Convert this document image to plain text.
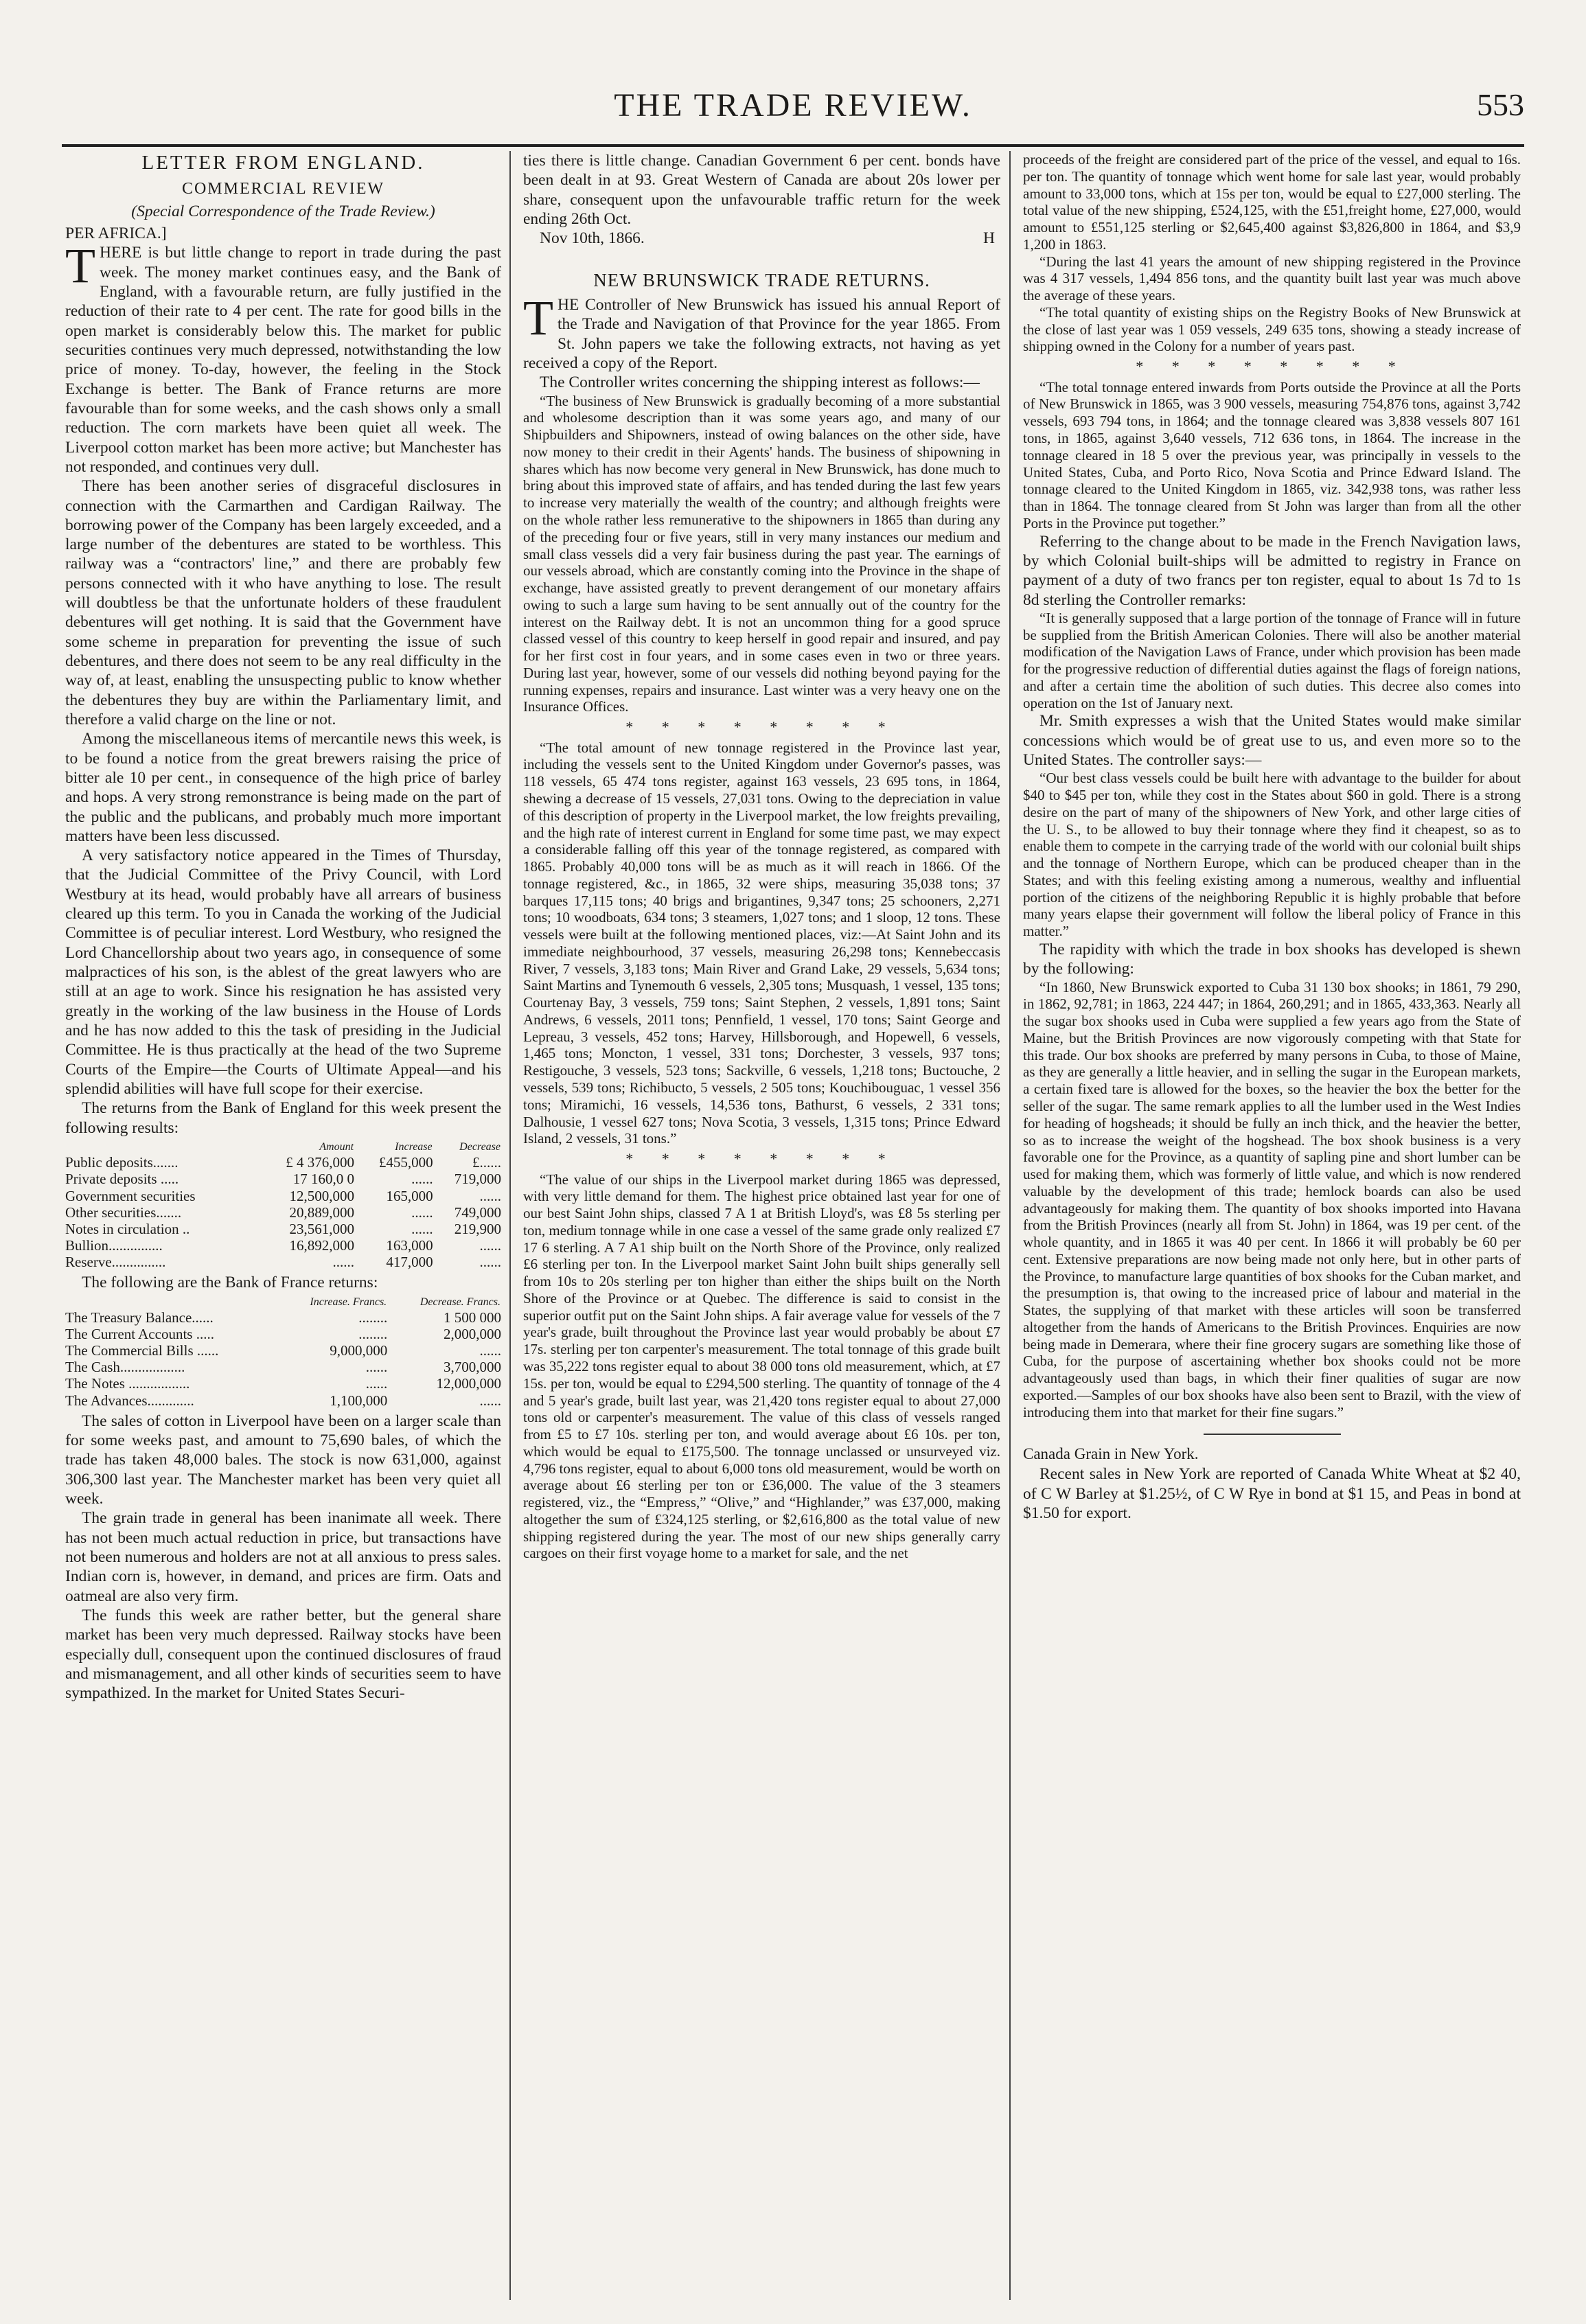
THE TRADE REVIEW.	553
LETTER FROM ENGLAND.
COMMERCIAL REVIEW

(Special Correspondence of the Trade Review.)

PER AFRICA.]

THERE is but little change to report in trade during the past week. The money market continues easy, and the Bank of England, with a favourable return, are fully justified in the reduction of their rate to 4 per cent. The rate for good bills in the open market is considerably below this. The market for public securities continues very much depressed, notwithstanding the low price of money. To-day, however, the feeling in the Stock Exchange is better. The Bank of France returns are more favourable than for some weeks, and the cash shows only a small reduction. The corn markets have been quiet all week. The Liverpool cotton market has been more active; but Manchester has not responded, and continues very dull.

There has been another series of disgraceful disclosures in connection with the Carmarthen and Cardigan Railway. The borrowing power of the Company has been largely exceeded, and a large number of the debentures are stated to be worthless. This railway was a “contractors' line,” and there are probably few persons connected with it who have anything to lose. The result will doubtless be that the unfortunate holders of these fraudulent debentures will get nothing. It is said that the Government have some scheme in preparation for preventing the issue of such debentures, and there does not seem to be any real difficulty in the way of, at least, enabling the unsuspecting public to know whether the debentures they buy are within the Parliamentary limit, and therefore a valid charge on the line or not.

Among the miscellaneous items of mercantile news this week, is to be found a notice from the great brewers raising the price of bitter ale 10 per cent., in consequence of the high price of barley and hops. A very strong remonstrance is being made on the part of the public and the publicans, and probably much more important matters have been less discussed.

A very satisfactory notice appeared in the Times of Thursday, that the Judicial Committee of the Privy Council, with Lord Westbury at its head, would probably have all arrears of business cleared up this term. To you in Canada the working of the Judicial Committee is of peculiar interest. Lord Westbury, who resigned the Lord Chancellorship about two years ago, in consequence of some malpractices of his son, is the ablest of the great lawyers who are still at an age to work. Since his resignation he has assisted very greatly in the working of the law business in the House of Lords and he has now added to this the task of presiding in the Judicial Committee. He is thus practically at the head of the two Supreme Courts of the Empire—the Courts of Ultimate Appeal—and his splendid abilities will have full scope for their exercise.

The returns from the Bank of England for this week present the following results:

	Amount	Increase	Decrease
Public deposits.......	£ 4 376,000	£455,000	£......
Private deposits .....	17 160,0 0	......	719,000
Government securities	12,500,000	165,000	......
Other securities.......	20,889,000	......	749,000
Notes in circulation ..	23,561,000	......	219,900
Bullion...............	16,892,000	163,000	......
Reserve...............	......	417,000	......

The following are the Bank of France returns:

	Increase. Francs.	Decrease. Francs.
The Treasury Balance......	........	1 500 000
The Current Accounts .....	........	2,000,000
The Commercial Bills ......	9,000,000	......
The Cash..................	......	3,700,000
The Notes .................	......	12,000,000
The Advances.............	1,100,000	......

The sales of cotton in Liverpool have been on a larger scale than for some weeks past, and amount to 75,690 bales, of which the trade has taken 48,000 bales. The stock is now 631,000, against 306,300 last year. The Manchester market has been very quiet all week.

The grain trade in general has been inanimate all week. There has not been much actual reduction in price, but transactions have not been numerous and holders are not at all anxious to press sales. Indian corn is, however, in demand, and prices are firm. Oats and oatmeal are also very firm.

The funds this week are rather better, but the general share market has been very much depressed. Railway stocks have been especially dull, consequent upon the continued disclosures of fraud and mismanagement, and all other kinds of securities seem to have sympathized. In the market for United States Securi-

ties there is little change. Canadian Government 6 per cent. bonds have been dealt in at 93. Great Western of Canada are about 20s lower per share, consequent upon the unfavourable traffic return for the week ending 26th Oct.

Nov 10th, 1866.	H

NEW BRUNSWICK TRADE RETURNS.

THE Controller of New Brunswick has issued his annual Report of the Trade and Navigation of that Province for the year 1865. From St. John papers we take the following extracts, not having as yet received a copy of the Report.

The Controller writes concerning the shipping interest as follows:—

“The business of New Brunswick is gradually becoming of a more substantial and wholesome description than it was some years ago, and many of our Shipbuilders and Shipowners, instead of owing balances on the other side, have now money to their credit in their Agents' hands. The business of shipowning in shares which has now become very general in New Brunswick, has done much to bring about this improved state of affairs, and has tended during the last few years to increase very materially the wealth of the country; and although freights were on the whole rather less remunerative to the shipowners in 1865 than during any of the preceding four or five years, still in very many instances our medium and small class vessels did a very fair business during the past year. The earnings of our vessels abroad, which are constantly coming into the Province in the shape of exchange, have assisted greatly to prevent derangement of our monetary affairs owing to such a large sum having to be sent annually out of the country for the interest on the Railway debt. It is not an uncommon thing for a good spruce classed vessel of this country to keep herself in good repair and insured, and pay for her first cost in four years, and in some cases even in two or three years. During last year, however, some of our vessels did nothing beyond paying for the running expenses, repairs and insurance. Last winter was a very heavy one on the Insurance Offices.

* * * * * * * *

“The total amount of new tonnage registered in the Province last year, including the vessels sent to the United Kingdom under Governor's passes, was 118 vessels, 65 474 tons register, against 163 vessels, 23 695 tons, in 1864, shewing a decrease of 15 vessels, 27,031 tons. Owing to the depreciation in value of this description of property in the Liverpool market, the low freights prevailing, and the high rate of interest current in England for some time past, we may expect a considerable falling off this year of the tonnage registered, as compared with 1865. Probably 40,000 tons will be as much as it will reach in 1866. Of the tonnage registered, &c., in 1865, 32 were ships, measuring 35,038 tons; 37 barques 17,115 tons; 40 brigs and brigantines, 9,347 tons; 25 schooners, 2,271 tons; 10 woodboats, 634 tons; 3 steamers, 1,027 tons; and 1 sloop, 12 tons. These vessels were built at the following mentioned places, viz:—At Saint John and its immediate neighbourhood, 37 vessels, measuring 26,298 tons; Kennebeccasis River, 7 vessels, 3,183 tons; Main River and Grand Lake, 29 vessels, 5,634 tons; Saint Martins and Tynemouth 6 vessels, 2,305 tons; Musquash, 1 vessel, 135 tons; Courtenay Bay, 3 vessels, 759 tons; Saint Stephen, 2 vessels, 1,891 tons; Saint Andrews, 6 vessels, 2011 tons; Pennfield, 1 vessel, 170 tons; Saint George and Lepreau, 3 vessels, 452 tons; Harvey, Hillsborough, and Hopewell, 6 vessels, 1,465 tons; Moncton, 1 vessel, 331 tons; Dorchester, 3 vessels, 937 tons; Restigouche, 3 vessels, 523 tons; Sackville, 6 vessels, 1,218 tons; Buctouche, 2 vessels, 539 tons; Richibucto, 5 vessels, 2 505 tons; Kouchibouguac, 1 vessel 356 tons; Miramichi, 16 vessels, 14,536 tons, Bathurst, 6 vessels, 2 331 tons; Dalhousie, 1 vessel 627 tons; Nova Scotia, 3 vessels, 1,315 tons; Prince Edward Island, 2 vessels, 31 tons.”

* * * * * * * *

“The value of our ships in the Liverpool market during 1865 was depressed, with very little demand for them. The highest price obtained last year for one of our best Saint John ships, classed 7 A 1 at British Lloyd's, was £8 5s sterling per ton, medium tonnage while in one case a vessel of the same grade only realized £7 17 6 sterling. A 7 A1 ship built on the North Shore of the Province, only realized £6 sterling per ton. In the Liverpool market Saint John built ships generally sell from 10s to 20s sterling per ton higher than either the ships built on the North Shore of the Province or at Quebec. The difference is said to consist in the superior outfit put on the Saint John ships. A fair average value for vessels of the 7 year's grade, built throughout the Province last year would probably be about £7 17s. sterling per ton carpenter's measurement. The total tonnage of this grade built was 35,222 tons register equal to about 38 000 tons old measurement, which, at £7 15s. per ton, would be equal to £294,500 sterling. The quantity of tonnage of the 4 and 5 year's grade, built last year, was 21,420 tons register equal to about 27,000 tons old or carpenter's measurement. The value of this class of vessels ranged from £5 to £7 10s. sterling per ton, and would average about £6 10s. per ton, which would be equal to £175,500. The tonnage unclassed or unsurveyed viz. 4,796 tons register, equal to about 6,000 tons old measurement, would be worth on average about £6 sterling per ton or £36,000. The value of the 3 steamers registered, viz., the “Empress,” “Olive,” and “Highlander,” was £37,000, making altogether the sum of £324,125 sterling, or $2,616,800 as the total value of new shipping registered during the year. The most of our new ships generally carry cargoes on their first voyage home to a market for sale, and the net

proceeds of the freight are considered part of the price of the vessel, and equal to 16s. per ton. The quantity of tonnage which went home for sale last year, would probably amount to 33,000 tons, which at 15s per ton, would be equal to £27,000 sterling. The total value of the new shipping, £524,125, with the £51,freight home, £27,000, would amount to £551,125 sterling or $2,645,400 against $3,826,800 in 1864, and $3,9 1,200 in 1863.

“During the last 41 years the amount of new shipping registered in the Province was 4 317 vessels, 1,494 856 tons, and the quantity built last year was much above the average of these years.

“The total quantity of existing ships on the Registry Books of New Brunswick at the close of last year was 1 059 vessels, 249 635 tons, showing a steady increase of shipping owned in the Colony for a number of years past.

* * * * * * * *

“The total tonnage entered inwards from Ports outside the Province at all the Ports of New Brunswick in 1865, was 3 900 vessels, measuring 754,876 tons, against 3,742 vessels, 693 794 tons, in 1864; and the tonnage cleared was 3,838 vessels 807 161 tons, in 1865, against 3,640 vessels, 712 636 tons, in 1864. The increase in the tonnage cleared in 18 5 over the previous year, was principally in vessels to the United States, Cuba, and Porto Rico, Nova Scotia and Prince Edward Island. The tonnage cleared to the United Kingdom in 1865, viz. 342,938 tons, was rather less than in 1864. The tonnage cleared from St John was larger than from all the other Ports in the Province put together.”

Referring to the change about to be made in the French Navigation laws, by which Colonial built-ships will be admitted to registry in France on payment of a duty of two francs per ton register, equal to about 1s 7d to 1s 8d sterling the Controller remarks:

“It is generally supposed that a large portion of the tonnage of France will in future be supplied from the British American Colonies. There will also be another material modification of the Navigation Laws of France, under which provision has been made for the progressive reduction of differential duties against the flags of foreign nations, and after a certain time the abolition of such duties. This decree also comes into operation on the 1st of January next.

Mr. Smith expresses a wish that the United States would make similar concessions which would be of great use to us, and even more so to the United States. The controller says:—

“Our best class vessels could be built here with advantage to the builder for about $40 to $45 per ton, while they cost in the States about $60 in gold. There is a strong desire on the part of many of the shipowners of New York, and other large cities of the U. S., to be allowed to buy their tonnage where they find it cheapest, so as to enable them to compete in the carrying trade of the world with our colonial built ships and the tonnage of Northern Europe, which can be produced cheaper than in the States; and with this feeling existing among a numerous, wealthy and influential portion of the citizens of the neighboring Republic it is highly probable that before many years elapse their government will follow the liberal policy of France in this matter.”

The rapidity with which the trade in box shooks has developed is shewn by the following:

“In 1860, New Brunswick exported to Cuba 31 130 box shooks; in 1861, 79 290, in 1862, 92,781; in 1863, 224 447; in 1864, 260,291; and in 1865, 433,363. Nearly all the sugar box shooks used in Cuba were supplied a few years ago from the State of Maine, but the British Provinces are now vigorously competing with that State for this trade. Our box shooks are preferred by many persons in Cuba, to those of Maine, as they are generally a little heavier, and in selling the sugar in the European markets, a certain fixed tare is allowed for the boxes, so the heavier the box the better for the seller of the sugar. The same remark applies to all the lumber used in the West Indies for heading of hogsheads; it should be fully an inch thick, and the heavier the better, so as to increase the weight of the hogshead. The box shook business is a very favorable one for the Province, as a quantity of sapling pine and short lumber can be used for making them, which was formerly of little value, and which is now rendered valuable by the development of this trade; hemlock boards can also be used advantageously for making them. The quantity of box shooks imported into Havana from the British Provinces (nearly all from St. John) in 1864, was 19 per cent. of the whole quantity, and in 1865 it was 40 per cent. In 1866 it will probably be 60 per cent. Extensive preparations are now being made not only here, but in other parts of the Province, to manufacture large quantities of box shooks for the Cuban market, and the presumption is, that owing to the increased price of labour and material in the States, the supplying of that market with these articles will soon be transferred altogether from the hands of Americans to the British Provinces. Enquiries are now being made in Demerara, where their fine grocery sugars are something like those of Cuba, for the purpose of ascertaining whether box shooks could not be more advantageously used than bags, in which their finer qualities of sugar are now exported.—Samples of our box shooks have also been sent to Brazil, with the view of introducing them into that market for their fine sugars.”

Canada Grain in New York.

Recent sales in New York are reported of Canada White Wheat at $2 40, of C W Barley at $1.25½, of C W Rye in bond at $1 15, and Peas in bond at $1.50 for export.
